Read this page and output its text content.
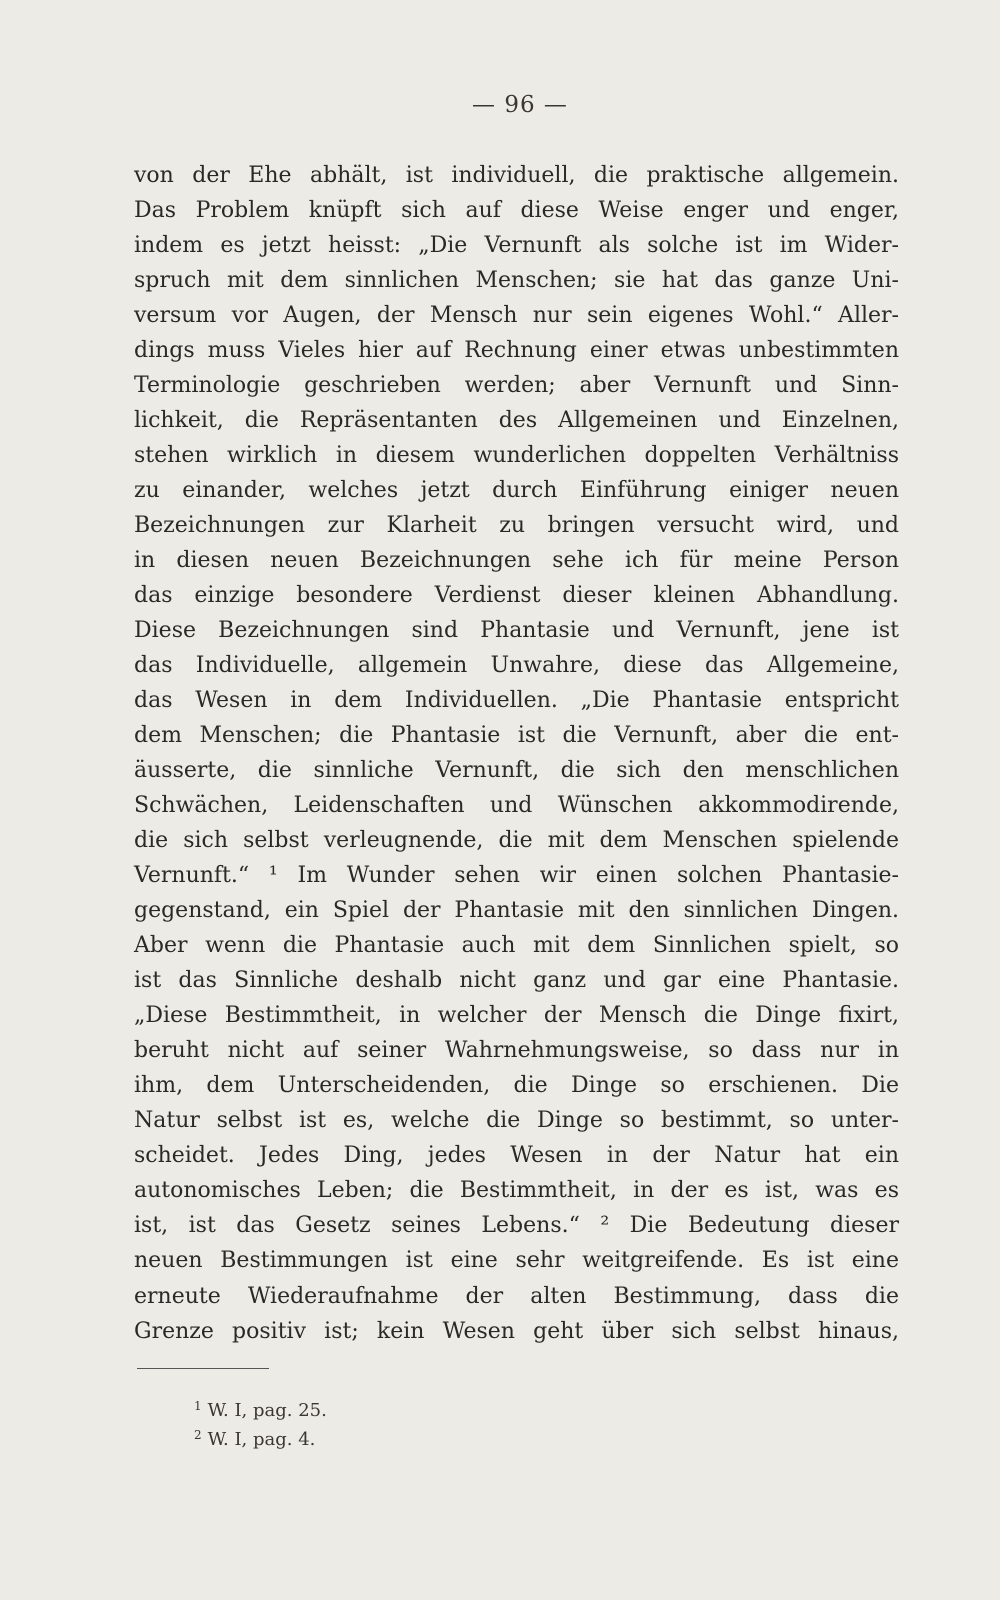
— 96 —
von der Ehe abhält, ist individuell, die praktische allgemein.
Das Problem knüpft sich auf diese Weise enger und enger,
indem es jetzt heisst: „Die Vernunft als solche ist im Wider-
spruch mit dem sinnlichen Menschen; sie hat das ganze Uni-
versum vor Augen, der Mensch nur sein eigenes Wohl.“ Aller-
dings muss Vieles hier auf Rechnung einer etwas unbestimmten
Terminologie geschrieben werden; aber Vernunft und Sinn-
lichkeit, die Repräsentanten des Allgemeinen und Einzelnen,
stehen wirklich in diesem wunderlichen doppelten Verhältniss
zu einander, welches jetzt durch Einführung einiger neuen
Bezeichnungen zur Klarheit zu bringen versucht wird, und
in diesen neuen Bezeichnungen sehe ich für meine Person
das einzige besondere Verdienst dieser kleinen Abhandlung.
Diese Bezeichnungen sind Phantasie und Vernunft, jene ist
das Individuelle, allgemein Unwahre, diese das Allgemeine,
das Wesen in dem Individuellen. „Die Phantasie entspricht
dem Menschen; die Phantasie ist die Vernunft, aber die ent-
äusserte, die sinnliche Vernunft, die sich den menschlichen
Schwächen, Leidenschaften und Wünschen akkommodirende,
die sich selbst verleugnende, die mit dem Menschen spielende
Vernunft.“ ¹ Im Wunder sehen wir einen solchen Phantasie-
gegenstand, ein Spiel der Phantasie mit den sinnlichen Dingen.
Aber wenn die Phantasie auch mit dem Sinnlichen spielt, so
ist das Sinnliche deshalb nicht ganz und gar eine Phantasie.
„Diese Bestimmtheit, in welcher der Mensch die Dinge fixirt,
beruht nicht auf seiner Wahrnehmungsweise, so dass nur in
ihm, dem Unterscheidenden, die Dinge so erschienen. Die
Natur selbst ist es, welche die Dinge so bestimmt, so unter-
scheidet. Jedes Ding, jedes Wesen in der Natur hat ein
autonomisches Leben; die Bestimmtheit, in der es ist, was es
ist, ist das Gesetz seines Lebens.“ ² Die Bedeutung dieser
neuen Bestimmungen ist eine sehr weitgreifende. Es ist eine
erneute Wiederaufnahme der alten Bestimmung, dass die
Grenze positiv ist; kein Wesen geht über sich selbst hinaus,
$^1$ W. I, pag. 25.
$^2$ W. I, pag. 4.
